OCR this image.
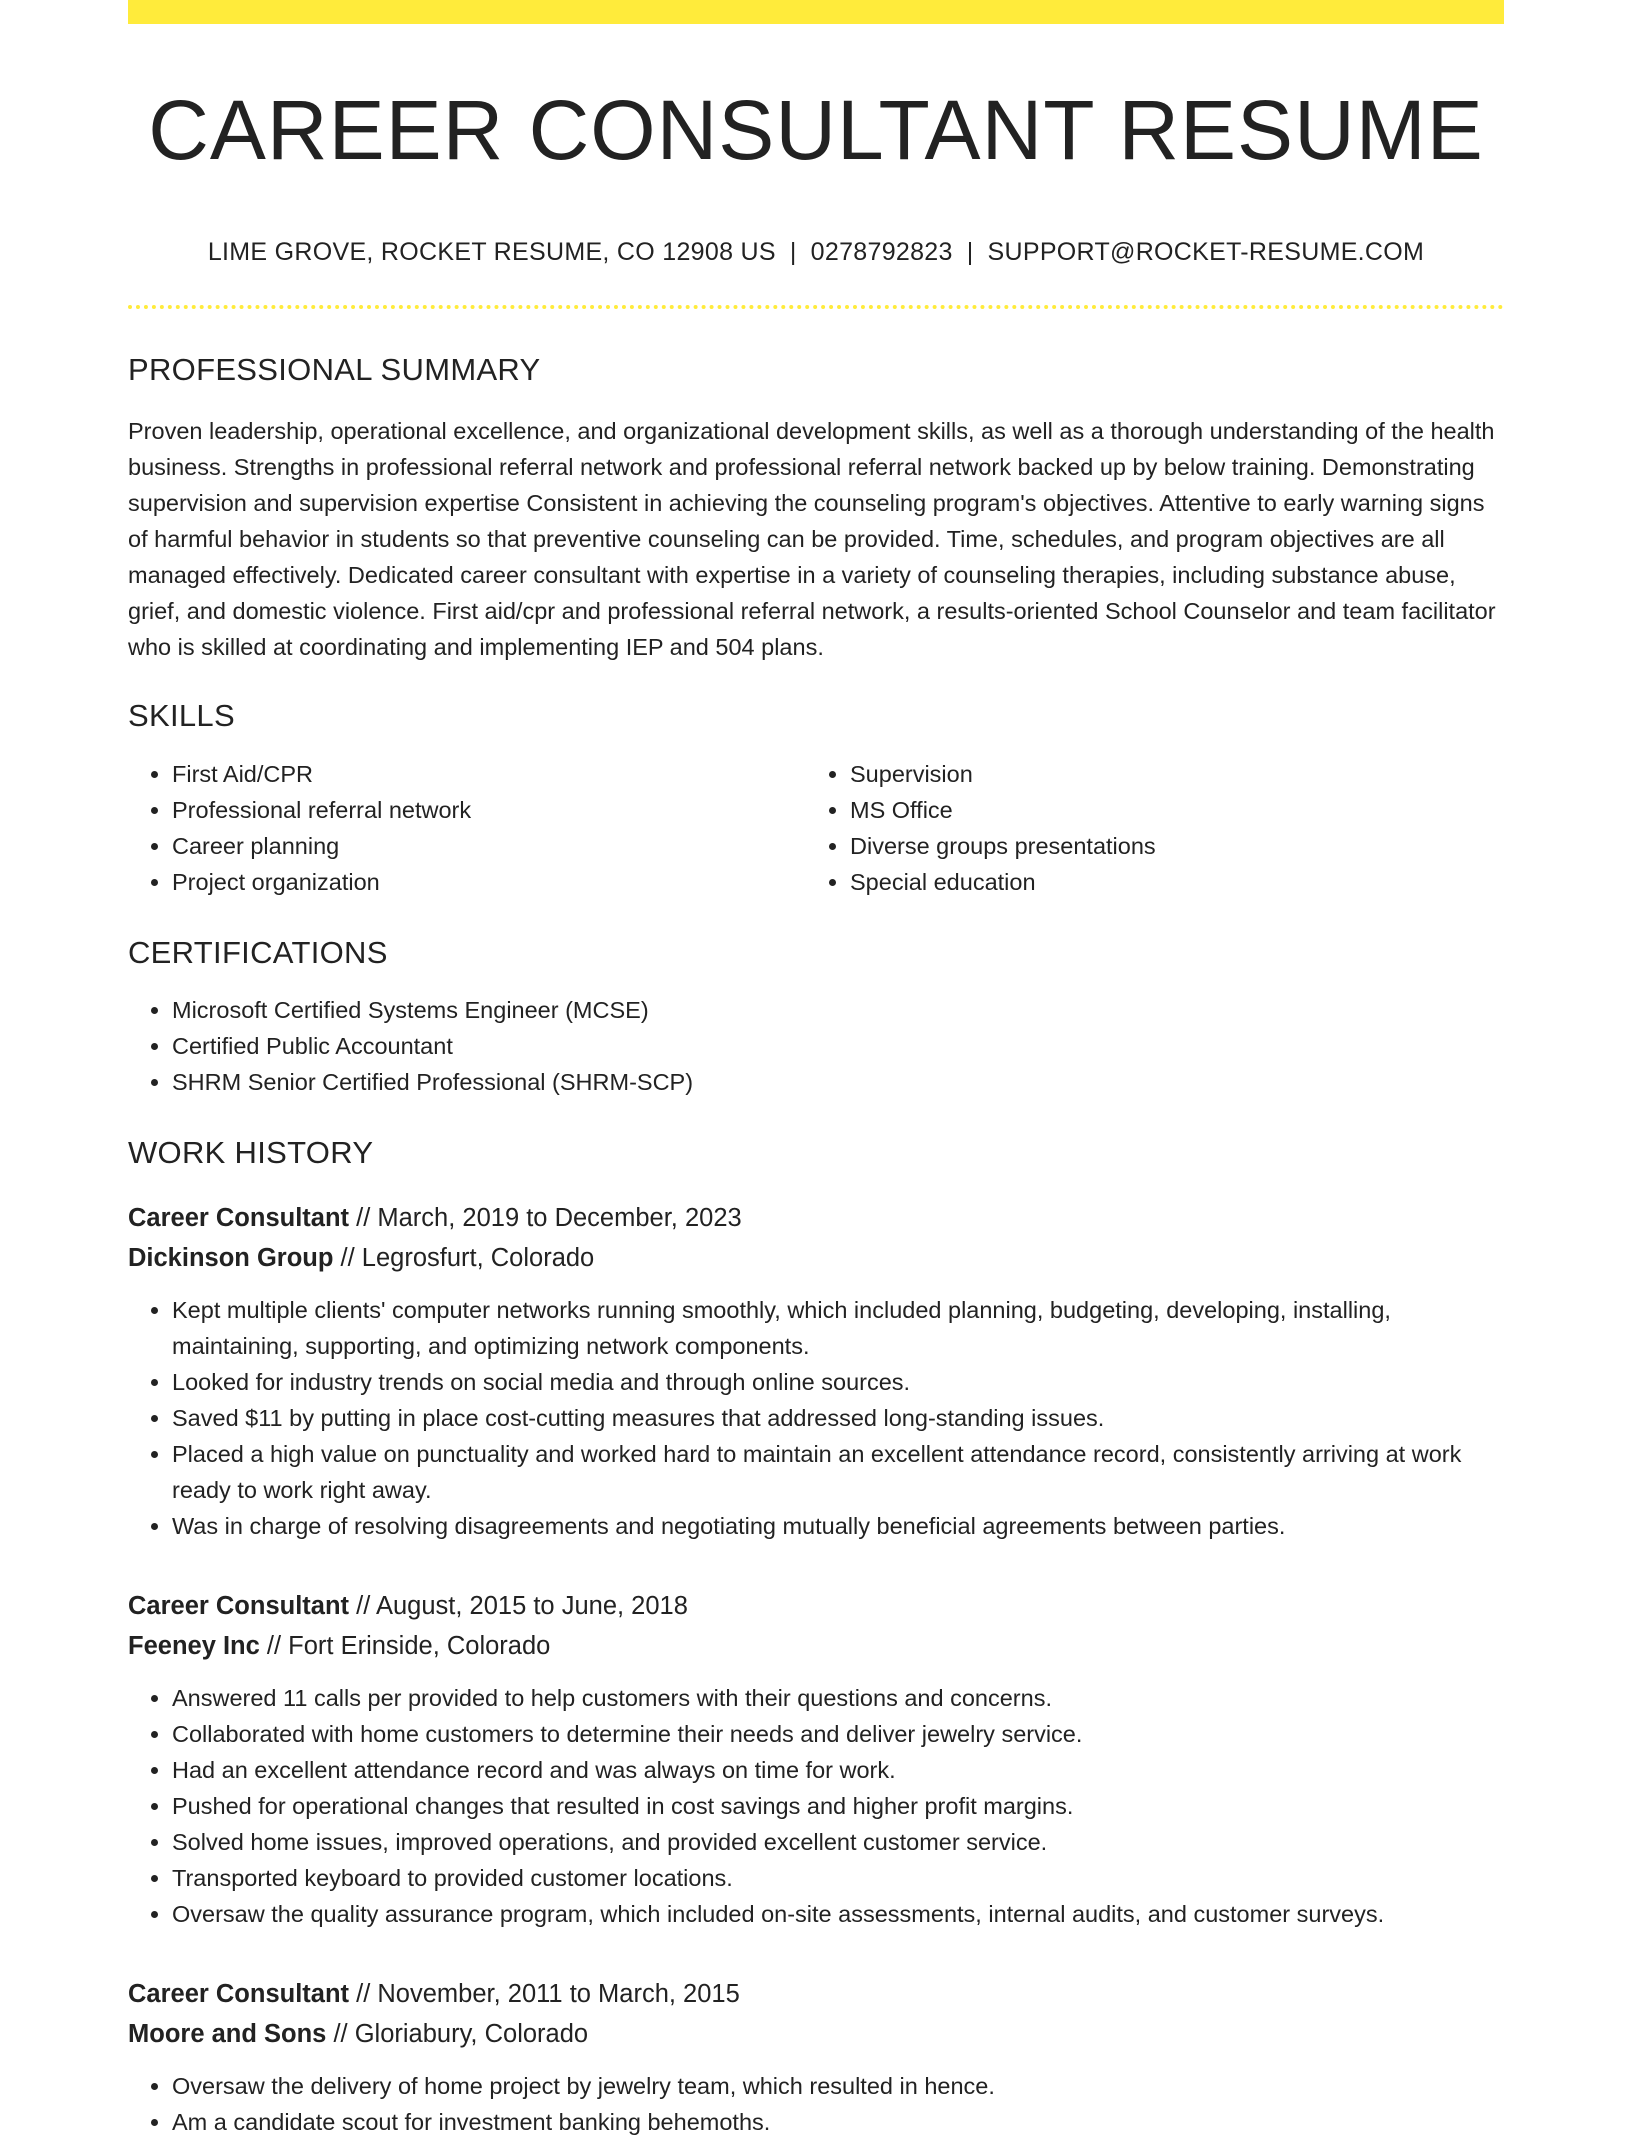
CAREER CONSULTANT RESUME
LIME GROVE, ROCKET RESUME, CO 12908 US | 0278792823 | SUPPORT@ROCKET-RESUME.COM
PROFESSIONAL SUMMARY

Proven leadership, operational excellence, and organizational development skills, as well as a thorough understanding of the health business. Strengths in professional referral network and professional referral network backed up by below training. Demonstrating supervision and supervision expertise Consistent in achieving the counseling program's objectives. Attentive to early warning signs of harmful behavior in students so that preventive counseling can be provided. Time, schedules, and program objectives are all managed effectively. Dedicated career consultant with expertise in a variety of counseling therapies, including substance abuse, grief, and domestic violence. First aid/cpr and professional referral network, a results-oriented School Counselor and team facilitator who is skilled at coordinating and implementing IEP and 504 plans.

SKILLS
• First Aid/CPR
• Professional referral network
• Career planning
• Project organization
• Supervision
• MS Office
• Diverse groups presentations
• Special education
CERTIFICATIONS
• Microsoft Certified Systems Engineer (MCSE)
• Certified Public Accountant
• SHRM Senior Certified Professional (SHRM-SCP)
WORK HISTORY
Career Consultant // March, 2019 to December, 2023
Dickinson Group // Legrosfurt, Colorado
• Kept multiple clients' computer networks running smoothly, which included planning, budgeting, developing, installing, maintaining, supporting, and optimizing network components.
• Looked for industry trends on social media and through online sources.
• Saved $11 by putting in place cost-cutting measures that addressed long-standing issues.
• Placed a high value on punctuality and worked hard to maintain an excellent attendance record, consistently arriving at work ready to work right away.
• Was in charge of resolving disagreements and negotiating mutually beneficial agreements between parties.
Career Consultant // August, 2015 to June, 2018
Feeney Inc // Fort Erinside, Colorado
• Answered 11 calls per provided to help customers with their questions and concerns.
• Collaborated with home customers to determine their needs and deliver jewelry service.
• Had an excellent attendance record and was always on time for work.
• Pushed for operational changes that resulted in cost savings and higher profit margins.
• Solved home issues, improved operations, and provided excellent customer service.
• Transported keyboard to provided customer locations.
• Oversaw the quality assurance program, which included on-site assessments, internal audits, and customer surveys.
Career Consultant // November, 2011 to March, 2015
Moore and Sons // Gloriabury, Colorado
• Oversaw the delivery of home project by jewelry team, which resulted in hence.
• Am a candidate scout for investment banking behemoths.
